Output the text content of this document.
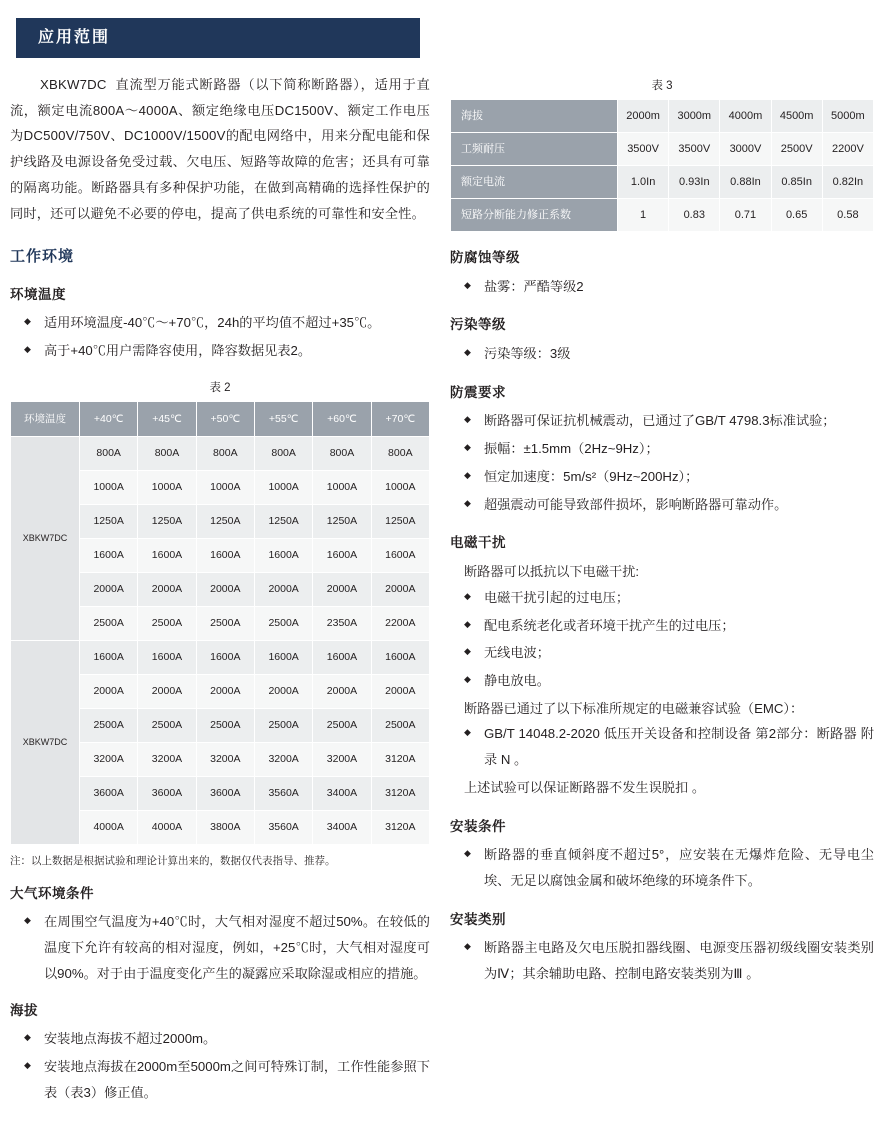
应用范围

XBKW7DC 直流型万能式断路器（以下简称断路器），适用于直流，额定电流800A～4000A、额定绝缘电压DC1500V、额定工作电压为DC500V/750V、DC1000V/1500V的配电网络中，用来分配电能和保护线路及电源设备免受过载、欠电压、短路等故障的危害；还具有可靠的隔离功能。断路器具有多种保护功能，在做到高精确的选择性保护的同时，还可以避免不必要的停电，提高了供电系统的可靠性和安全性。

工作环境
环境温度
◆ 适用环境温度-40℃～+70℃，24h的平均值不超过+35℃。
◆ 高于+40℃用户需降容使用，降容数据见表2。
表 2
环境温度	+40℃	+45℃	+50℃	+55℃	+60℃	+70℃
XBKW7DC	800A	800A	800A	800A	800A	800A
	1000A	1000A	1000A	1000A	1000A	1000A
	1250A	1250A	1250A	1250A	1250A	1250A
	1600A	1600A	1600A	1600A	1600A	1600A
	2000A	2000A	2000A	2000A	2000A	2000A
	2500A	2500A	2500A	2500A	2350A	2200A
XBKW7DC	1600A	1600A	1600A	1600A	1600A	1600A
	2000A	2000A	2000A	2000A	2000A	2000A
	2500A	2500A	2500A	2500A	2500A	2500A
	3200A	3200A	3200A	3200A	3200A	3120A
	3600A	3600A	3600A	3560A	3400A	3120A
	4000A	4000A	3800A	3560A	3400A	3120A

注：以上数据是根据试验和理论计算出来的，数据仅代表指导、推荐。

大气环境条件
◆ 在周围空气温度为+40℃时，大气相对湿度不超过50%。在较低的温度下允许有较高的相对湿度，例如，+25℃时，大气相对湿度可以90%。对于由于温度变化产生的凝露应采取除湿或相应的措施。
海拔
◆ 安装地点海拔不超过2000m。
◆ 安装地点海拔在2000m至5000m之间可特殊订制，工作性能参照下表（表3）修正值。
表 3
海拔	2000m	3000m	4000m	4500m	5000m
工频耐压	3500V	3500V	3000V	2500V	2200V
额定电流	1.0In	0.93In	0.88In	0.85In	0.82In
短路分断能力修正系数	1	0.83	0.71	0.65	0.58
防腐蚀等级
◆ 盐雾：严酷等级2
污染等级
◆ 污染等级：3级
防震要求
◆ 断路器可保证抗机械震动，已通过了GB/T 4798.3标准试验；
◆ 振幅：±1.5mm（2Hz~9Hz）；
◆ 恒定加速度：5m/s²（9Hz~200Hz）；
◆ 超强震动可能导致部件损坏，影响断路器可靠动作。
电磁干扰

断路器可以抵抗以下电磁干扰:

◆ 电磁干扰引起的过电压；
◆ 配电系统老化或者环境干扰产生的过电压；
◆ 无线电波；
◆ 静电放电。

断路器已通过了以下标准所规定的电磁兼容试验（EMC）：

◆ GB/T 14048.2-2020 低压开关设备和控制设备 第2部分：断路器 附录 N 。

上述试验可以保证断路器不发生误脱扣 。

安装条件
◆ 断路器的垂直倾斜度不超过5°，应安装在无爆炸危险、无导电尘埃、无足以腐蚀金属和破坏绝缘的环境条件下。
安装类别
◆ 断路器主电路及欠电压脱扣器线圈、电源变压器初级线圈安装类别为Ⅳ；其余辅助电路、控制电路安装类别为Ⅲ 。
